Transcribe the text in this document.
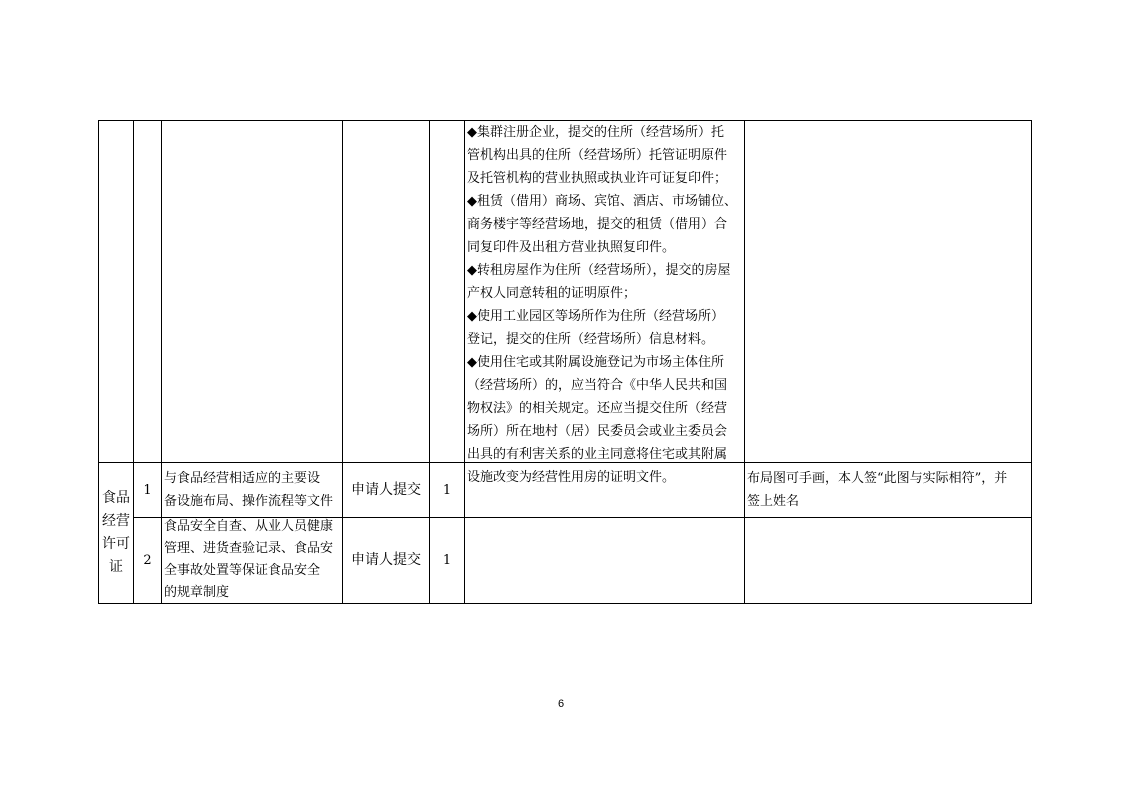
◆集群注册企业，提交的住所（经营场所）托

管机构出具的住所（经营场所）托管证明原件

及托管机构的营业执照或执业许可证复印件；

◆租赁（借用）商场、宾馆、酒店、市场铺位、

商务楼宇等经营场地，提交的租赁（借用）合

同复印件及出租方营业执照复印件。

◆转租房屋作为住所（经营场所），提交的房屋

产权人同意转租的证明原件；

◆使用工业园区等场所作为住所（经营场所）

登记，提交的住所（经营场所）信息材料。

◆使用住宅或其附属设施登记为市场主体住所

（经营场所）的，应当符合《中华人民共和国

物权法》的相关规定。还应当提交住所（经营

场所）所在地村（居）民委员会或业主委员会

出具的有利害关系的业主同意将住宅或其附属

设施改变为经营性用房的证明文件。

食品

经营

许可

证

1

与食品经营相适应的主要设

备设施布局、操作流程等文件

申请人提交	1

布局图可手画，本人签“此图与实际相符”，并

签上姓名

2

食品安全自查、从业人员健康

管理、进货查验记录、食品安

全事故处置等保证食品安全

的规章制度

申请人提交	1
6
